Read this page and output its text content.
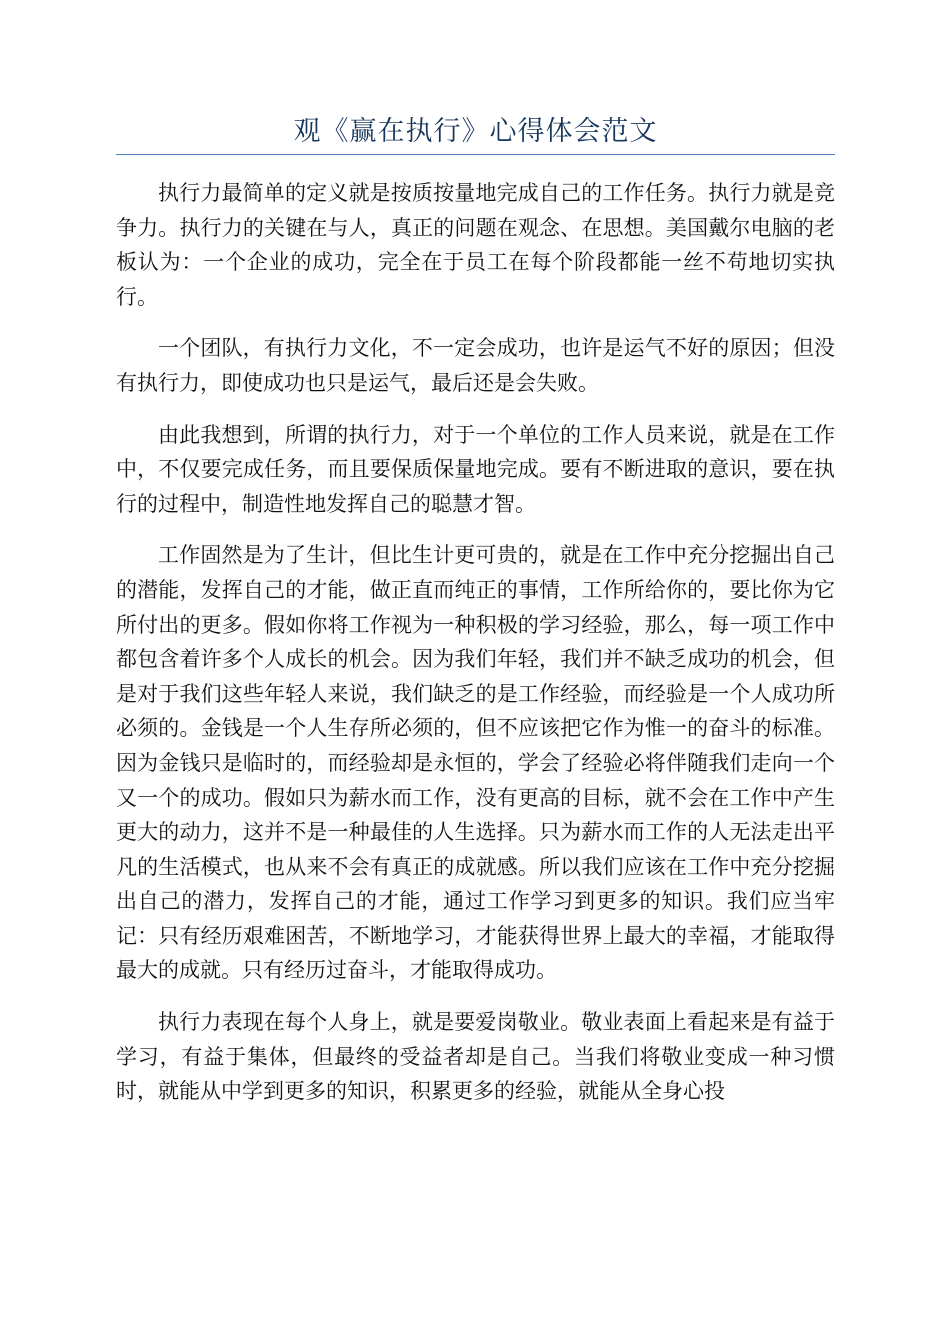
观《赢在执行》心得体会范文

执行力最简单的定义就是按质按量地完成自己的工作任务。执行力就是竞争力。执行力的关键在与人，真正的问题在观念、在思想。美国戴尔电脑的老板认为：一个企业的成功，完全在于员工在每个阶段都能一丝不苟地切实执行。

一个团队，有执行力文化，不一定会成功，也许是运气不好的原因；但没有执行力，即使成功也只是运气，最后还是会失败。

由此我想到，所谓的执行力，对于一个单位的工作人员来说，就是在工作中，不仅要完成任务，而且要保质保量地完成。要有不断进取的意识，要在执行的过程中，制造性地发挥自己的聪慧才智。

工作固然是为了生计，但比生计更可贵的，就是在工作中充分挖掘出自己的潜能，发挥自己的才能，做正直而纯正的事情，工作所给你的，要比你为它所付出的更多。假如你将工作视为一种积极的学习经验，那么，每一项工作中都包含着许多个人成长的机会。因为我们年轻，我们并不缺乏成功的机会，但是对于我们这些年轻人来说，我们缺乏的是工作经验，而经验是一个人成功所必须的。金钱是一个人生存所必须的，但不应该把它作为惟一的奋斗的标准。因为金钱只是临时的，而经验却是永恒的，学会了经验必将伴随我们走向一个又一个的成功。假如只为薪水而工作，没有更高的目标，就不会在工作中产生更大的动力，这并不是一种最佳的人生选择。只为薪水而工作的人无法走出平凡的生活模式，也从来不会有真正的成就感。所以我们应该在工作中充分挖掘出自己的潜力，发挥自己的才能，通过工作学习到更多的知识。我们应当牢记：只有经历艰难困苦，不断地学习，才能获得世界上最大的幸福，才能取得最大的成就。只有经历过奋斗，才能取得成功。

执行力表现在每个人身上，就是要爱岗敬业。敬业表面上看起来是有益于学习，有益于集体，但最终的受益者却是自己。当我们将敬业变成一种习惯时，就能从中学到更多的知识，积累更多的经验，就能从全身心投
